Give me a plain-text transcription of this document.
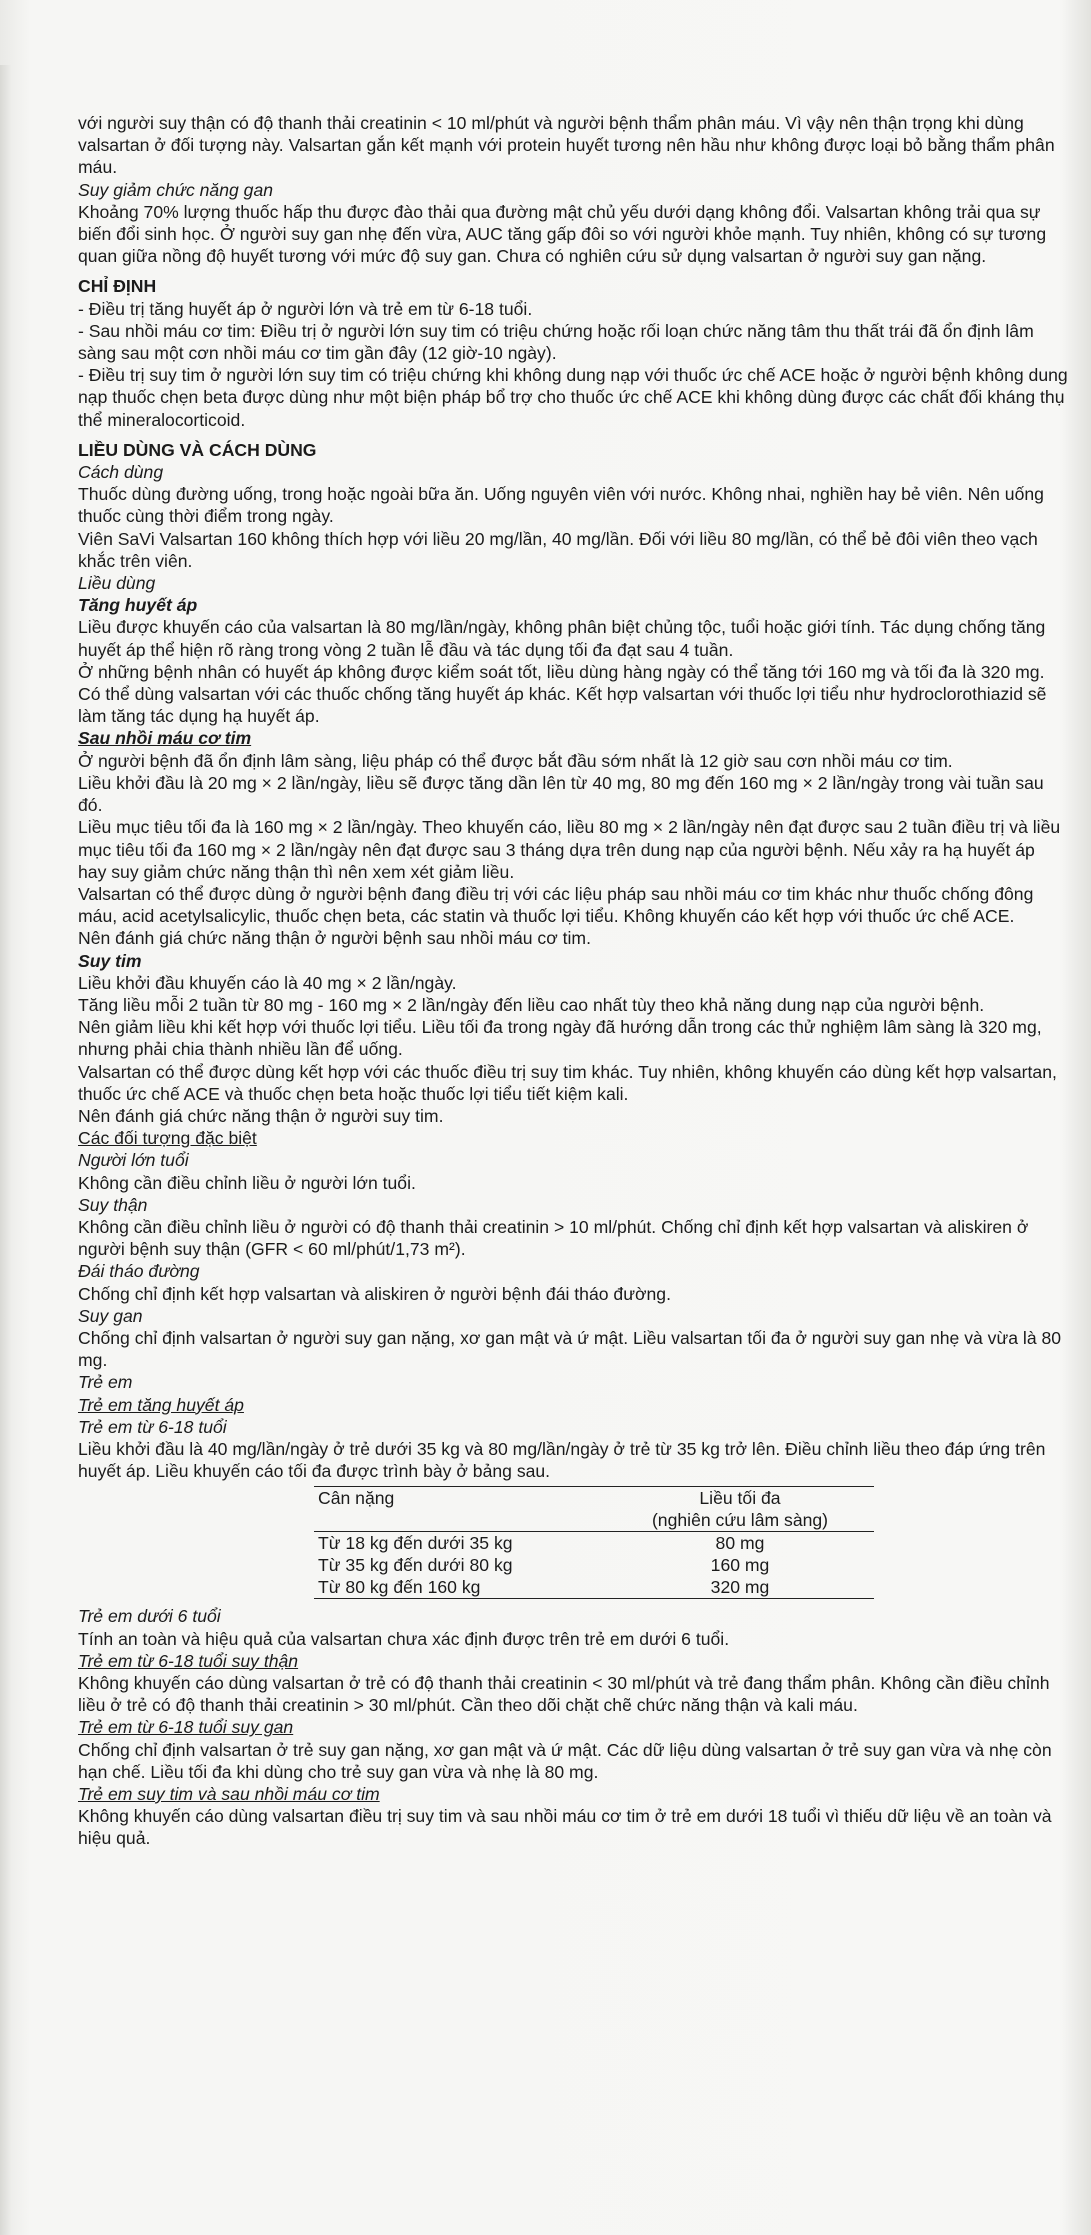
với người suy thận có độ thanh thải creatinin < 10 ml/phút và người bệnh thẩm phân máu. Vì vậy nên thận trọng khi dùng valsartan ở đối tượng này. Valsartan gắn kết mạnh với protein huyết tương nên hầu như không được loại bỏ bằng thẩm phân máu.

Suy giảm chức năng gan

Khoảng 70% lượng thuốc hấp thu được đào thải qua đường mật chủ yếu dưới dạng không đổi. Valsartan không trải qua sự biến đổi sinh học. Ở người suy gan nhẹ đến vừa, AUC tăng gấp đôi so với người khỏe mạnh. Tuy nhiên, không có sự tương quan giữa nồng độ huyết tương với mức độ suy gan. Chưa có nghiên cứu sử dụng valsartan ở người suy gan nặng.

CHỈ ĐỊNH

- Điều trị tăng huyết áp ở người lớn và trẻ em từ 6-18 tuổi.

- Sau nhồi máu cơ tim: Điều trị ở người lớn suy tim có triệu chứng hoặc rối loạn chức năng tâm thu thất trái đã ổn định lâm sàng sau một cơn nhồi máu cơ tim gần đây (12 giờ-10 ngày).

- Điều trị suy tim ở người lớn suy tim có triệu chứng khi không dung nạp với thuốc ức chế ACE hoặc ở người bệnh không dung nạp thuốc chẹn beta được dùng như một biện pháp bổ trợ cho thuốc ức chế ACE khi không dùng được các chất đối kháng thụ thể mineralocorticoid.

LIỀU DÙNG VÀ CÁCH DÙNG

Cách dùng

Thuốc dùng đường uống, trong hoặc ngoài bữa ăn. Uống nguyên viên với nước. Không nhai, nghiền hay bẻ viên. Nên uống thuốc cùng thời điểm trong ngày.

Viên SaVi Valsartan 160 không thích hợp với liều 20 mg/lần, 40 mg/lần. Đối với liều 80 mg/lần, có thể bẻ đôi viên theo vạch khắc trên viên.

Liều dùng

Tăng huyết áp

Liều được khuyến cáo của valsartan là 80 mg/lần/ngày, không phân biệt chủng tộc, tuổi hoặc giới tính. Tác dụng chống tăng huyết áp thể hiện rõ ràng trong vòng 2 tuần lễ đầu và tác dụng tối đa đạt sau 4 tuần.

Ở những bệnh nhân có huyết áp không được kiểm soát tốt, liều dùng hàng ngày có thể tăng tới 160 mg và tối đa là 320 mg.

Có thể dùng valsartan với các thuốc chống tăng huyết áp khác. Kết hợp valsartan với thuốc lợi tiểu như hydroclorothiazid sẽ làm tăng tác dụng hạ huyết áp.

Sau nhồi máu cơ tim

Ở người bệnh đã ổn định lâm sàng, liệu pháp có thể được bắt đầu sớm nhất là 12 giờ sau cơn nhồi máu cơ tim.

Liều khởi đầu là 20 mg × 2 lần/ngày, liều sẽ được tăng dần lên từ 40 mg, 80 mg đến 160 mg × 2 lần/ngày trong vài tuần sau đó.

Liều mục tiêu tối đa là 160 mg × 2 lần/ngày. Theo khuyến cáo, liều 80 mg × 2 lần/ngày nên đạt được sau 2 tuần điều trị và liều mục tiêu tối đa 160 mg × 2 lần/ngày nên đạt được sau 3 tháng dựa trên dung nạp của người bệnh. Nếu xảy ra hạ huyết áp hay suy giảm chức năng thận thì nên xem xét giảm liều.

Valsartan có thể được dùng ở người bệnh đang điều trị với các liệu pháp sau nhồi máu cơ tim khác như thuốc chống đông máu, acid acetylsalicylic, thuốc chẹn beta, các statin và thuốc lợi tiểu. Không khuyến cáo kết hợp với thuốc ức chế ACE.

Nên đánh giá chức năng thận ở người bệnh sau nhồi máu cơ tim.

Suy tim

Liều khởi đầu khuyến cáo là 40 mg × 2 lần/ngày.

Tăng liều mỗi 2 tuần từ 80 mg - 160 mg × 2 lần/ngày đến liều cao nhất tùy theo khả năng dung nạp của người bệnh.

Nên giảm liều khi kết hợp với thuốc lợi tiểu. Liều tối đa trong ngày đã hướng dẫn trong các thử nghiệm lâm sàng là 320 mg, nhưng phải chia thành nhiều lần để uống.

Valsartan có thể được dùng kết hợp với các thuốc điều trị suy tim khác. Tuy nhiên, không khuyến cáo dùng kết hợp valsartan, thuốc ức chế ACE và thuốc chẹn beta hoặc thuốc lợi tiểu tiết kiệm kali.

Nên đánh giá chức năng thận ở người suy tim.

Các đối tượng đặc biệt

Người lớn tuổi

Không cần điều chỉnh liều ở người lớn tuổi.

Suy thận

Không cần điều chỉnh liều ở người có độ thanh thải creatinin > 10 ml/phút. Chống chỉ định kết hợp valsartan và aliskiren ở người bệnh suy thận (GFR < 60 ml/phút/1,73 m²).

Đái tháo đường

Chống chỉ định kết hợp valsartan và aliskiren ở người bệnh đái tháo đường.

Suy gan

Chống chỉ định valsartan ở người suy gan nặng, xơ gan mật và ứ mật. Liều valsartan tối đa ở người suy gan nhẹ và vừa là 80 mg.

Trẻ em

Trẻ em tăng huyết áp

Trẻ em từ 6-18 tuổi

Liều khởi đầu là 40 mg/lần/ngày ở trẻ dưới 35 kg và 80 mg/lần/ngày ở trẻ từ 35 kg trở lên. Điều chỉnh liều theo đáp ứng trên huyết áp. Liều khuyến cáo tối đa được trình bày ở bảng sau.

Cân nặng	Liều tối đa
	(nghiên cứu lâm sàng)
Từ 18 kg đến dưới 35 kg	80 mg
Từ 35 kg đến dưới 80 kg	160 mg
Từ 80 kg đến 160 kg	320 mg

Trẻ em dưới 6 tuổi

Tính an toàn và hiệu quả của valsartan chưa xác định được trên trẻ em dưới 6 tuổi.

Trẻ em từ 6-18 tuổi suy thận

Không khuyến cáo dùng valsartan ở trẻ có độ thanh thải creatinin < 30 ml/phút và trẻ đang thẩm phân. Không cần điều chỉnh liều ở trẻ có độ thanh thải creatinin > 30 ml/phút. Cần theo dõi chặt chẽ chức năng thận và kali máu.

Trẻ em từ 6-18 tuổi suy gan

Chống chỉ định valsartan ở trẻ suy gan nặng, xơ gan mật và ứ mật. Các dữ liệu dùng valsartan ở trẻ suy gan vừa và nhẹ còn hạn chế. Liều tối đa khi dùng cho trẻ suy gan vừa và nhẹ là 80 mg.

Trẻ em suy tim và sau nhồi máu cơ tim

Không khuyến cáo dùng valsartan điều trị suy tim và sau nhồi máu cơ tim ở trẻ em dưới 18 tuổi vì thiếu dữ liệu về an toàn và hiệu quả.
